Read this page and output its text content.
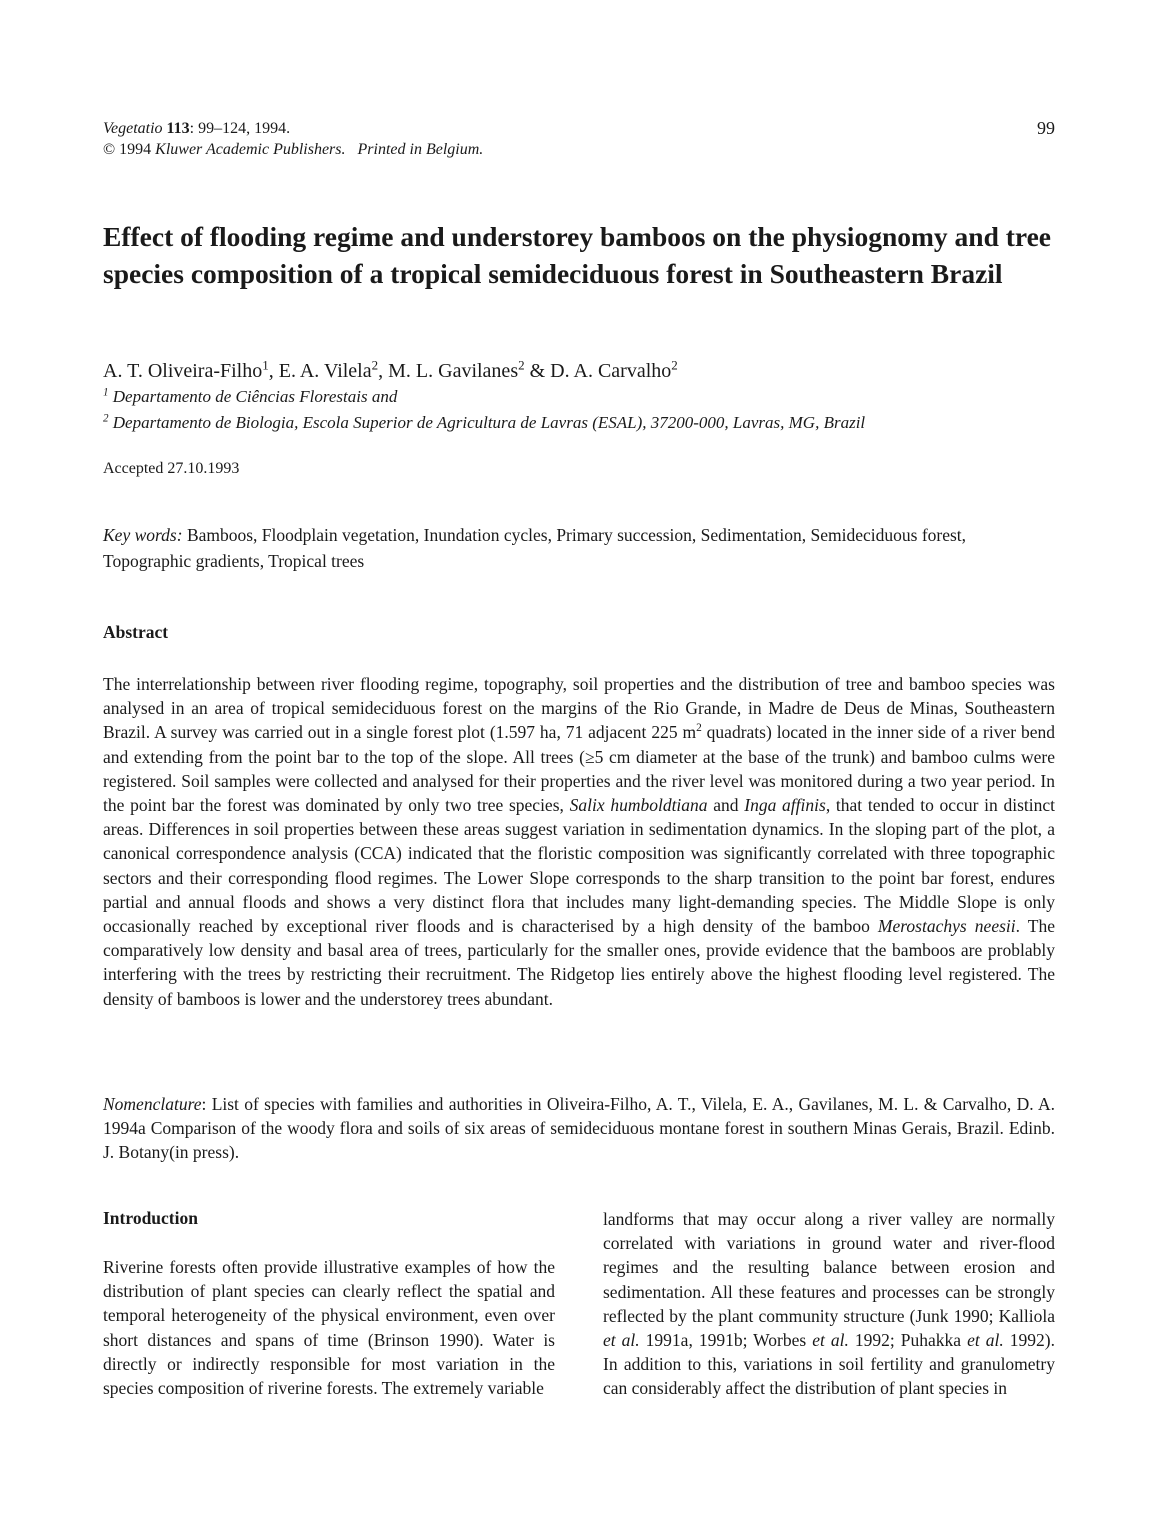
Vegetatio 113: 99–124, 1994.
© 1994 Kluwer Academic Publishers. Printed in Belgium.
99
Effect of flooding regime and understorey bamboos on the physiognomy and tree species composition of a tropical semideciduous forest in Southeastern Brazil
A. T. Oliveira-Filho$^1$, E. A. Vilela$^2$, M. L. Gavilanes$^2$ & D. A. Carvalho$^2$
$^1$ Departamento de Ciências Florestais and
$^2$ Departamento de Biologia, Escola Superior de Agricultura de Lavras (ESAL), 37200-000, Lavras, MG, Brazil
Accepted 27.10.1993
Key words: Bamboos, Floodplain vegetation, Inundation cycles, Primary succession, Sedimentation, Semideciduous forest, Topographic gradients, Tropical trees
Abstract

The interrelationship between river flooding regime, topography, soil properties and the distribution of tree and bamboo species was analysed in an area of tropical semideciduous forest on the margins of the Rio Grande, in Madre de Deus de Minas, Southeastern Brazil. A survey was carried out in a single forest plot (1.597 ha, 71 adjacent 225 $m^2$ quadrats) located in the inner side of a river bend and extending from the point bar to the top of the slope. All trees (≥5 cm diameter at the base of the trunk) and bamboo culms were registered. Soil samples were collected and analysed for their properties and the river level was monitored during a two year period. In the point bar the forest was dominated by only two tree species, Salix humboldtiana and Inga affinis, that tended to occur in distinct areas. Differences in soil properties between these areas suggest variation in sedimentation dynamics. In the sloping part of the plot, a canonical correspondence analysis (CCA) indicated that the floristic composition was significantly correlated with three topographic sectors and their corresponding flood regimes. The Lower Slope corresponds to the sharp transition to the point bar forest, endures partial and annual floods and shows a very distinct flora that includes many light-demanding species. The Middle Slope is only occasionally reached by exceptional river floods and is characterised by a high density of the bamboo Merostachys neesii. The comparatively low density and basal area of trees, particularly for the smaller ones, provide evidence that the bamboos are problably interfering with the trees by restricting their recruitment. The Ridgetop lies entirely above the highest flooding level registered. The density of bamboos is lower and the understorey trees abundant.

Nomenclature: List of species with families and authorities in Oliveira-Filho, A. T., Vilela, E. A., Gavilanes, M. L. & Carvalho, D. A. 1994a Comparison of the woody flora and soils of six areas of semideciduous montane forest in southern Minas Gerais, Brazil. Edinb. J. Botany(in press).

Introduction

Riverine forests often provide illustrative examples of how the distribution of plant species can clearly reflect the spatial and temporal heterogeneity of the physical environment, even over short distances and spans of time (Brinson 1990). Water is directly or indirectly responsible for most variation in the species composition of riverine forests. The extremely variable

landforms that may occur along a river valley are normally correlated with variations in ground water and river-flood regimes and the resulting balance between erosion and sedimentation. All these features and processes can be strongly reflected by the plant community structure (Junk 1990; Kalliola et al. 1991a, 1991b; Worbes et al. 1992; Puhakka et al. 1992). In addition to this, variations in soil fertility and granulometry can considerably affect the distribution of plant species in
